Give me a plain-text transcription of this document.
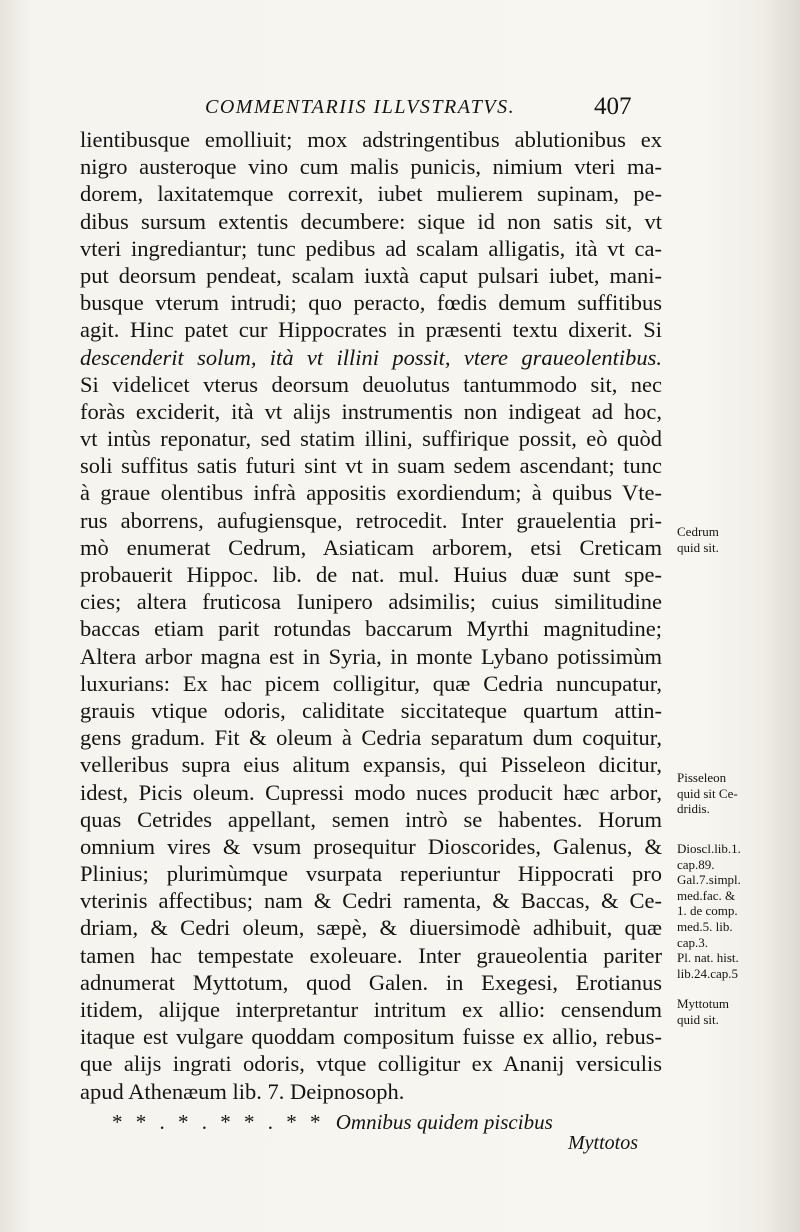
COMMENTARIIS ILLVSTRATVS.	407
lientibusque emolliuit; mox adstringentibus ablutionibus ex
nigro austeroque vino cum malis punicis, nimium vteri ma-
dorem, laxitatemque correxit, iubet mulierem supinam, pe-
dibus sursum extentis decumbere: sique id non satis sit, vt
vteri ingrediantur; tunc pedibus ad scalam alligatis, ità vt ca-
put deorsum pendeat, scalam iuxtà caput pulsari iubet, mani-
busque vterum intrudi; quo peracto, fœdis demum suffitibus
agit. Hinc patet cur Hippocrates in præsenti textu dixerit. Si
descenderit solum, ità vt illini possit, vtere graueolentibus.
Si videlicet vterus deorsum deuolutus tantummodo sit, nec
foràs exciderit, ità vt alijs instrumentis non indigeat ad hoc,
vt intùs reponatur, sed statim illini, suffirique possit, eò quòd
soli suffitus satis futuri sint vt in suam sedem ascendant; tunc
à graue olentibus infrà appositis exordiendum; à quibus Vte-
rus aborrens, aufugiensque, retrocedit. Inter grauelentia pri-
mò enumerat Cedrum, Asiaticam arborem, etsi Creticam
probauerit Hippoc. lib. de nat. mul. Huius duæ sunt spe-
cies; altera fruticosa Iunipero adsimilis; cuius similitudine
baccas etiam parit rotundas baccarum Myrthi magnitudine;
Altera arbor magna est in Syria, in monte Lybano potissimùm
luxurians: Ex hac picem colligitur, quæ Cedria nuncupatur,
grauis vtique odoris, caliditate siccitateque quartum attin-
gens gradum. Fit & oleum à Cedria separatum dum coquitur,
velleribus supra eius alitum expansis, qui Pisseleon dicitur,
idest, Picis oleum. Cupressi modo nuces producit hæc arbor,
quas Cetrides appellant, semen intrò se habentes. Horum
omnium vires & vsum prosequitur Dioscorides, Galenus, &
Plinius; plurimùmque vsurpata reperiuntur Hippocrati pro
vterinis affectibus; nam & Cedri ramenta, & Baccas, & Ce-
driam, & Cedri oleum, sæpè, & diuersimodè adhibuit, quæ
tamen hac tempestate exoleuare. Inter graueolentia pariter
adnumerat Myttotum, quod Galen. in Exegesi, Erotianus
itidem, alijque interpretantur intritum ex allio: censendum
itaque est vulgare quoddam compositum fuisse ex allio, rebus-
que alijs ingrati odoris, vtque colligitur ex Ananij versiculis
apud Athenæum lib. 7. Deipnosoph.
* * . * . * * . * * Omnibus quidem piscibus
Myttotos
Cedrum
quid sit.
Pisseleon
quid sit Ce-
dridis.
Dioscl.lib.1.
cap.89.
Gal.7.simpl.
med.fac. &
1. de comp.
med.5. lib.
cap.3.
Pl. nat. hist.
lib.24.cap.5
Myttotum
quid sit.
